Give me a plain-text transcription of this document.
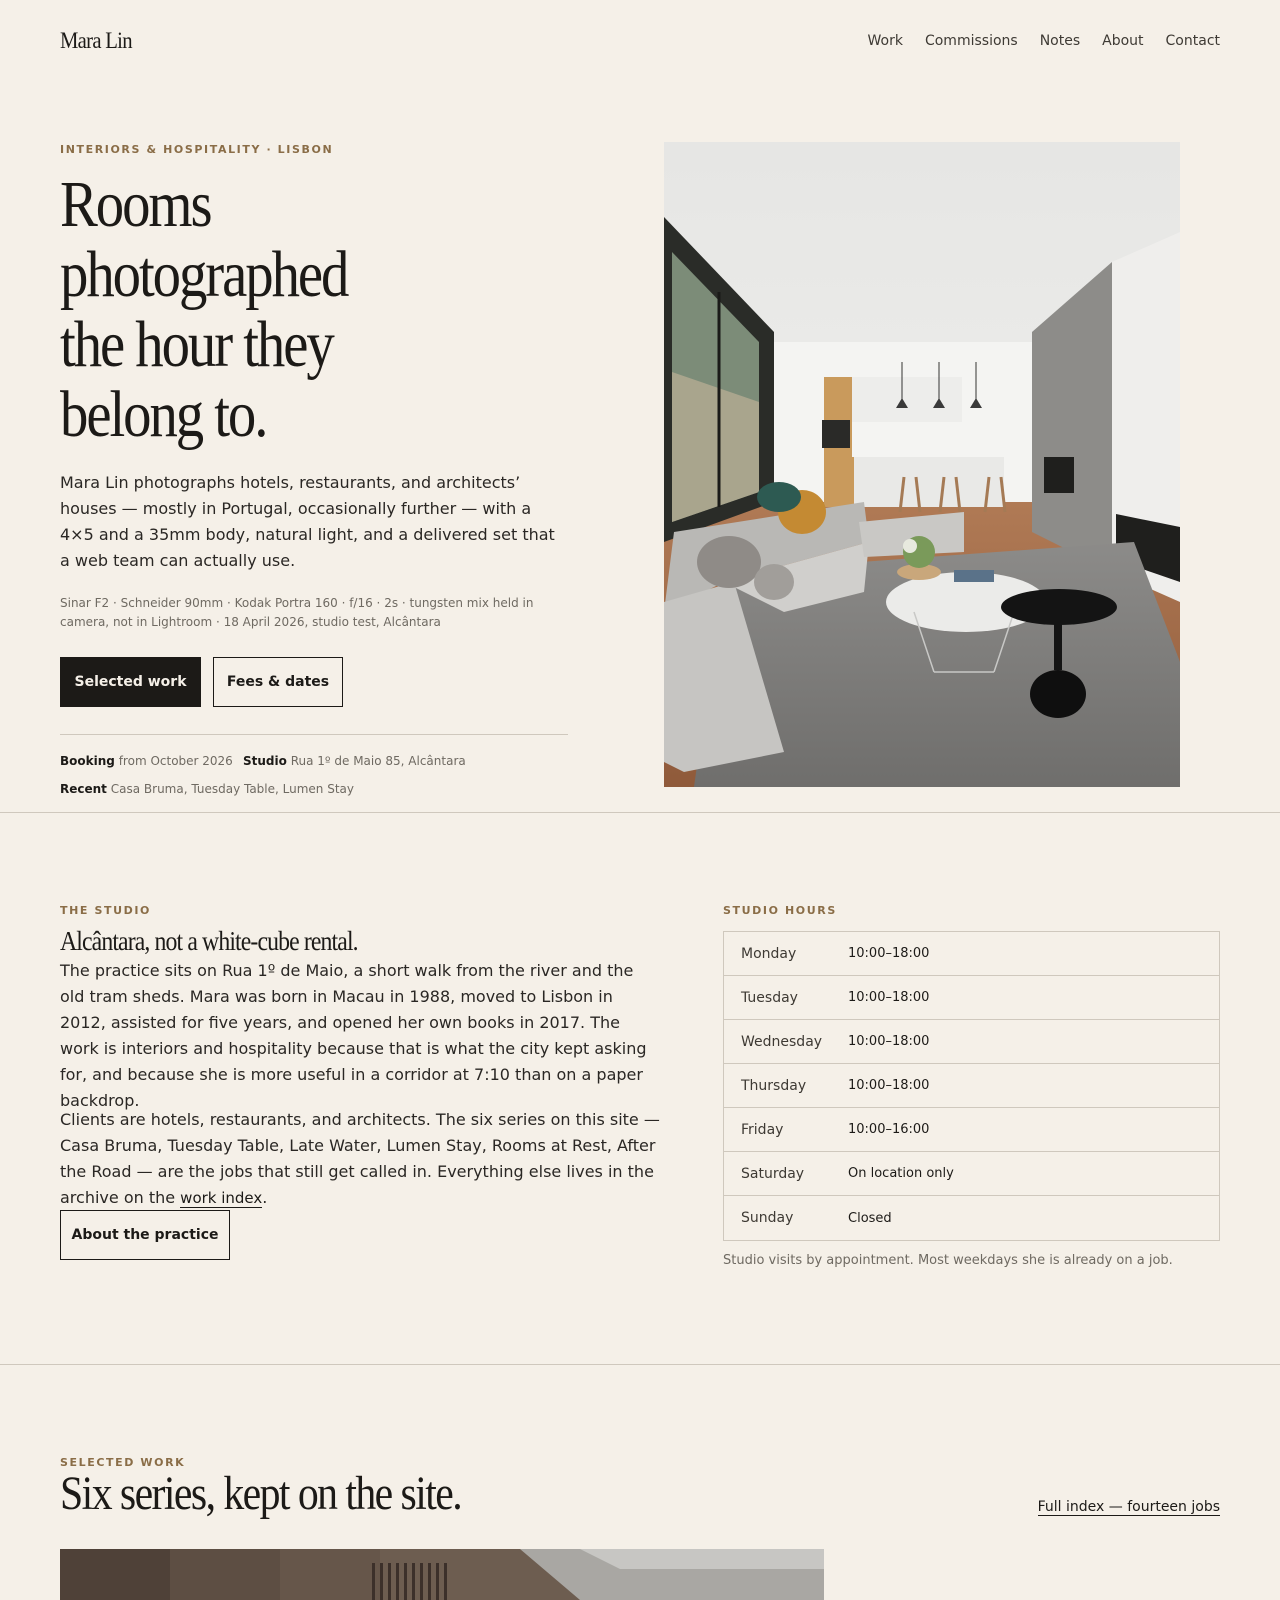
Mara Lin	Work Commissions Notes About Contact
INTERIORS & HOSPITALITY · LISBON
Rooms
photographed
the hour they
belong to.

Mara Lin photographs hotels, restaurants, and architects’ houses — mostly in Portugal, occasionally further — with a 4×5 and a 35mm body, natural light, and a delivered set that a web team can actually use.

Sinar F2 · Schneider 90mm · Kodak Portra 160 · f/16 · 2s · tungsten mix held in camera, not in Lightroom · 18 April 2026, studio test, Alcântara

Selected work	Fees & dates
Booking from October 2026 Studio Rua 1º de Maio 85, Alcântara
Recent Casa Bruma, Tuesday Table, Lumen Stay
THE STUDIO
Alcântara, not a white-cube rental.

The practice sits on Rua 1º de Maio, a short walk from the river and the old tram sheds. Mara was born in Macau in 1988, moved to Lisbon in 2012, assisted for five years, and opened her own books in 2017. The work is interiors and hospitality because that is what the city kept asking for, and because she is more useful in a corridor at 7:10 than on a paper backdrop.

Clients are hotels, restaurants, and architects. The six series on this site — Casa Bruma, Tuesday Table, Late Water, Lumen Stay, Rooms at Rest, After the Road — are the jobs that still get called in. Everything else lives in the archive on the work index.

About the practice
STUDIO HOURS
Monday	10:00–18:00
Tuesday	10:00–18:00
Wednesday	10:00–18:00
Thursday	10:00–18:00
Friday	10:00–16:00
Saturday	On location only
Sunday	Closed
Studio visits by appointment. Most weekdays she is already on a job.
SELECTED WORK
Six series, kept on the site.	Full index — fourteen jobs
